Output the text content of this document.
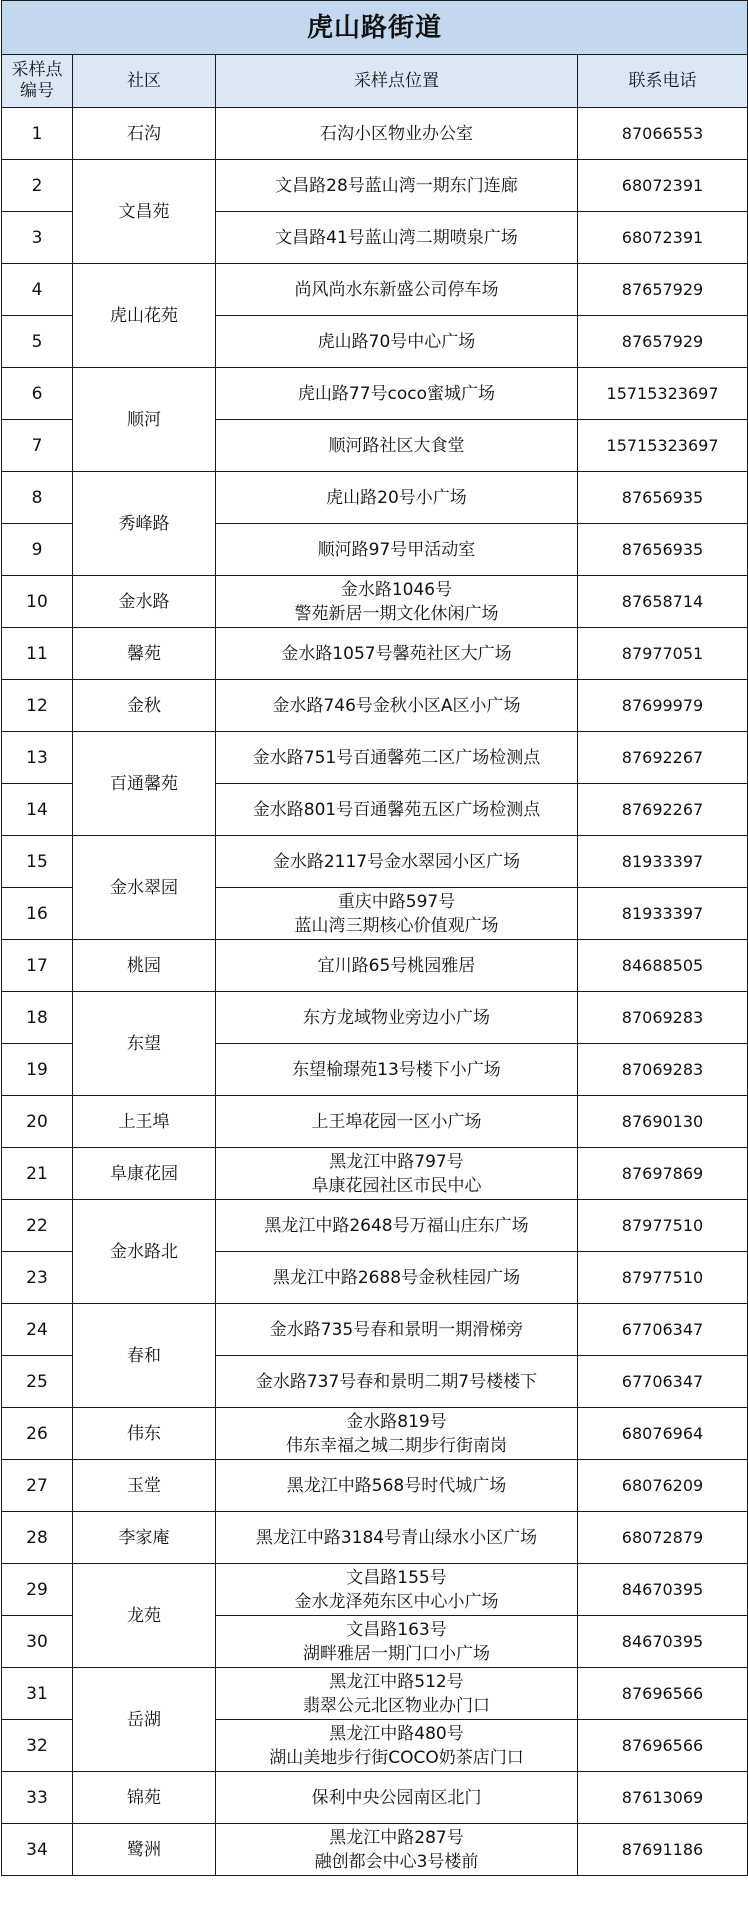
虎山路街道			
采样点
编号	社区	采样点位置	联系电话
1	石沟	石沟小区物业办公室	87066553
2	文昌苑	文昌路28号蓝山湾一期东门连廊	68072391
3		文昌路41号蓝山湾二期喷泉广场	68072391
4	虎山花苑	尚风尚水东新盛公司停车场	87657929
5		虎山路70号中心广场	87657929
6	顺河	虎山路77号coco蜜城广场	15715323697
7		顺河路社区大食堂	15715323697
8	秀峰路	虎山路20号小广场	87656935
9		顺河路97号甲活动室	87656935
10	金水路	金水路1046号
警苑新居一期文化休闲广场	87658714
11	馨苑	金水路1057号馨苑社区大广场	87977051
12	金秋	金水路746号金秋小区A区小广场	87699979
13	百通馨苑	金水路751号百通馨苑二区广场检测点	87692267
14		金水路801号百通馨苑五区广场检测点	87692267
15	金水翠园	金水路2117号金水翠园小区广场	81933397
16		重庆中路597号
蓝山湾三期核心价值观广场	81933397
17	桃园	宜川路65号桃园雅居	84688505
18	东望	东方龙域物业旁边小广场	87069283
19		东望榆璟苑13号楼下小广场	87069283
20	上王埠	上王埠花园一区小广场	87690130
21	阜康花园	黑龙江中路797号
阜康花园社区市民中心	87697869
22	金水路北	黑龙江中路2648号万福山庄东广场	87977510
23		黑龙江中路2688号金秋桂园广场	87977510
24	春和	金水路735号春和景明一期滑梯旁	67706347
25		金水路737号春和景明二期7号楼楼下	67706347
26	伟东	金水路819号
伟东幸福之城二期步行街南岗	68076964
27	玉堂	黑龙江中路568号时代城广场	68076209
28	李家庵	黑龙江中路3184号青山绿水小区广场	68072879
29	龙苑	文昌路155号
金水龙泽苑东区中心小广场	84670395
30		文昌路163号
湖畔雅居一期门口小广场	84670395
31	岳湖	黑龙江中路512号
翡翠公元北区物业办门口	87696566
32		黑龙江中路480号
湖山美地步行街COCO奶茶店门口	87696566
33	锦苑	保利中央公园南区北门	87613069
34	鹭洲	黑龙江中路287号
融创都会中心3号楼前	87691186
